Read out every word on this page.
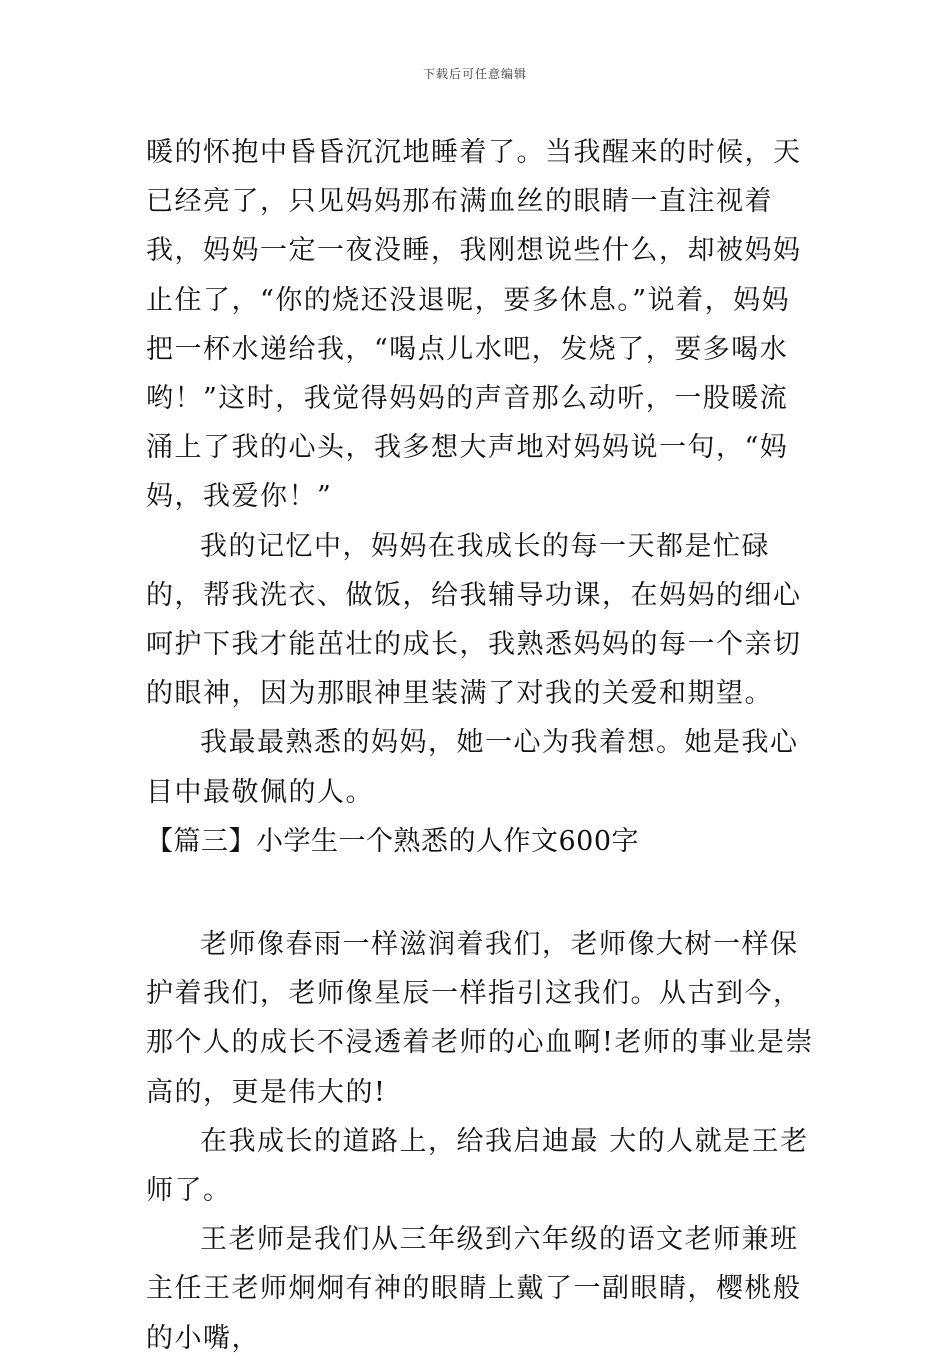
下载后可任意编辑

暖的怀抱中昏昏沉沉地睡着了。当我醒来的时候，天已经亮了，只见妈妈那布满血丝的眼睛一直注视着我，妈妈一定一夜没睡，我刚想说些什么，却被妈妈止住了，“你的烧还没退呢，要多休息。”说着，妈妈把一杯水递给我，“喝点儿水吧，发烧了，要多喝水哟！”这时，我觉得妈妈的声音那么动听，一股暖流涌上了我的心头，我多想大声地对妈妈说一句，“妈妈，我爱你！”

我的记忆中，妈妈在我成长的每一天都是忙碌的，帮我洗衣、做饭，给我辅导功课，在妈妈的细心呵护下我才能茁壮的成长，我熟悉妈妈的每一个亲切的眼神，因为那眼神里装满了对我的关爱和期望。

我最最熟悉的妈妈，她一心为我着想。她是我心目中最敬佩的人。

【篇三】小学生一个熟悉的人作文600字

老师像春雨一样滋润着我们，老师像大树一样保护着我们，老师像星辰一样指引这我们。从古到今，那个人的成长不浸透着老师的心血啊!老师的事业是崇高的，更是伟大的!

在我成长的道路上，给我启迪最 大的人就是王老师了。

王老师是我们从三年级到六年级的语文老师兼班主任王老师炯炯有神的眼睛上戴了一副眼睛，樱桃般的小嘴，
